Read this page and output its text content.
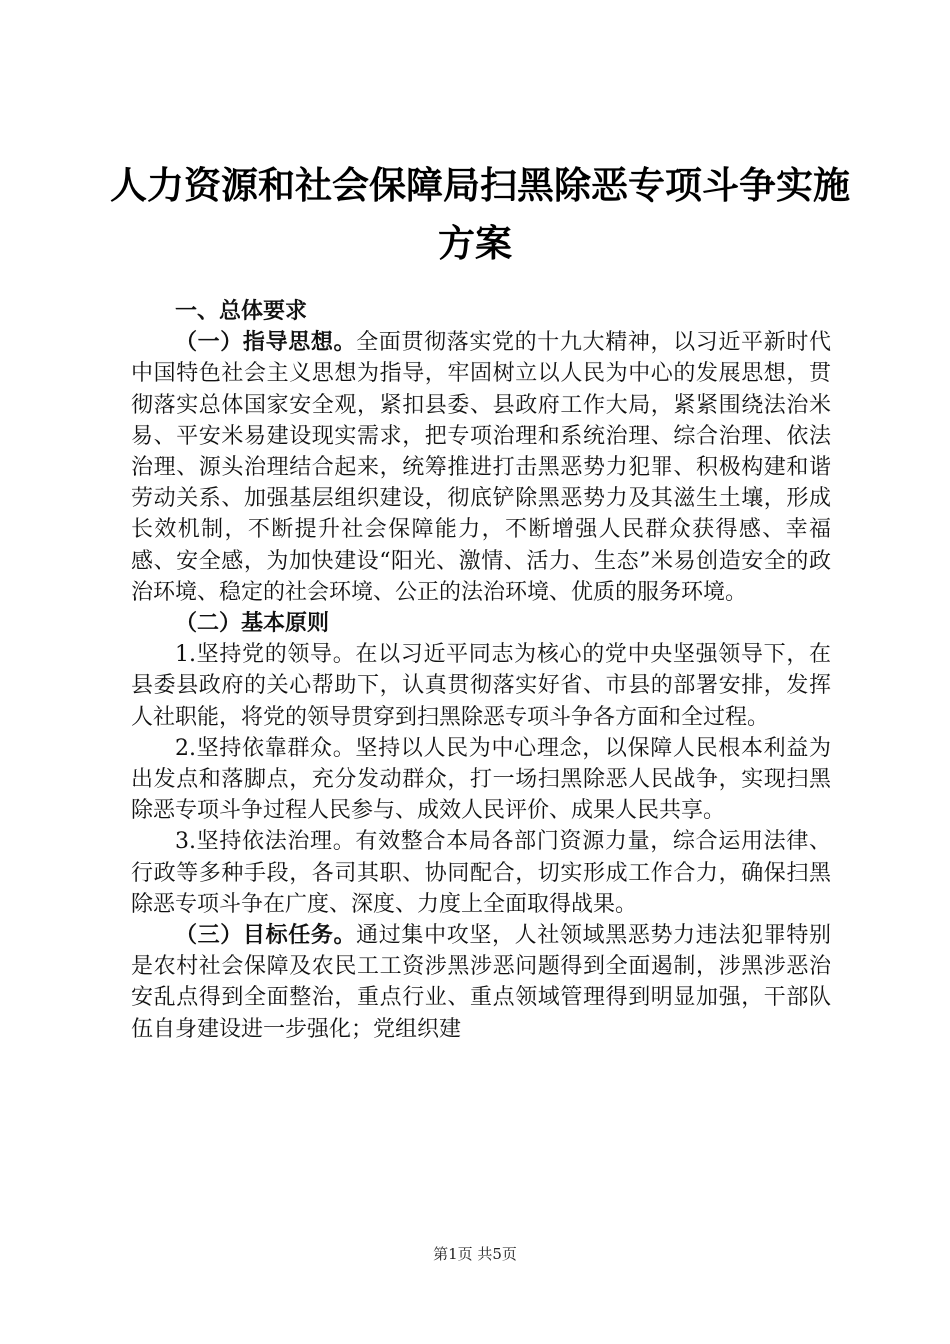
人力资源和社会保障局扫黑除恶专项斗争实施
方案

一、总体要求

（一）指导思想。全面贯彻落实党的十九大精神，以习近平新时代中国特色社会主义思想为指导，牢固树立以人民为中心的发展思想，贯彻落实总体国家安全观，紧扣县委、县政府工作大局，紧紧围绕法治米易、平安米易建设现实需求，把专项治理和系统治理、综合治理、依法治理、源头治理结合起来，统筹推进打击黑恶势力犯罪、积极构建和谐劳动关系、加强基层组织建设，彻底铲除黑恶势力及其滋生土壤，形成长效机制，不断提升社会保障能力，不断增强人民群众获得感、幸福感、安全感，为加快建设“阳光、激情、活力、生态”米易创造安全的政治环境、稳定的社会环境、公正的法治环境、优质的服务环境。

（二）基本原则

1.坚持党的领导。在以习近平同志为核心的党中央坚强领导下，在县委县政府的关心帮助下，认真贯彻落实好省、市县的部署安排，发挥人社职能，将党的领导贯穿到扫黑除恶专项斗争各方面和全过程。

2.坚持依靠群众。坚持以人民为中心理念，以保障人民根本利益为出发点和落脚点，充分发动群众，打一场扫黑除恶人民战争，实现扫黑除恶专项斗争过程人民参与、成效人民评价、成果人民共享。

3.坚持依法治理。有效整合本局各部门资源力量，综合运用法律、行政等多种手段，各司其职、协同配合，切实形成工作合力，确保扫黑除恶专项斗争在广度、深度、力度上全面取得战果。

（三）目标任务。通过集中攻坚，人社领域黑恶势力违法犯罪特别是农村社会保障及农民工工资涉黑涉恶问题得到全面遏制，涉黑涉恶治安乱点得到全面整治，重点行业、重点领域管理得到明显加强，干部队伍自身建设进一步强化；党组织建

第1页 共5页
